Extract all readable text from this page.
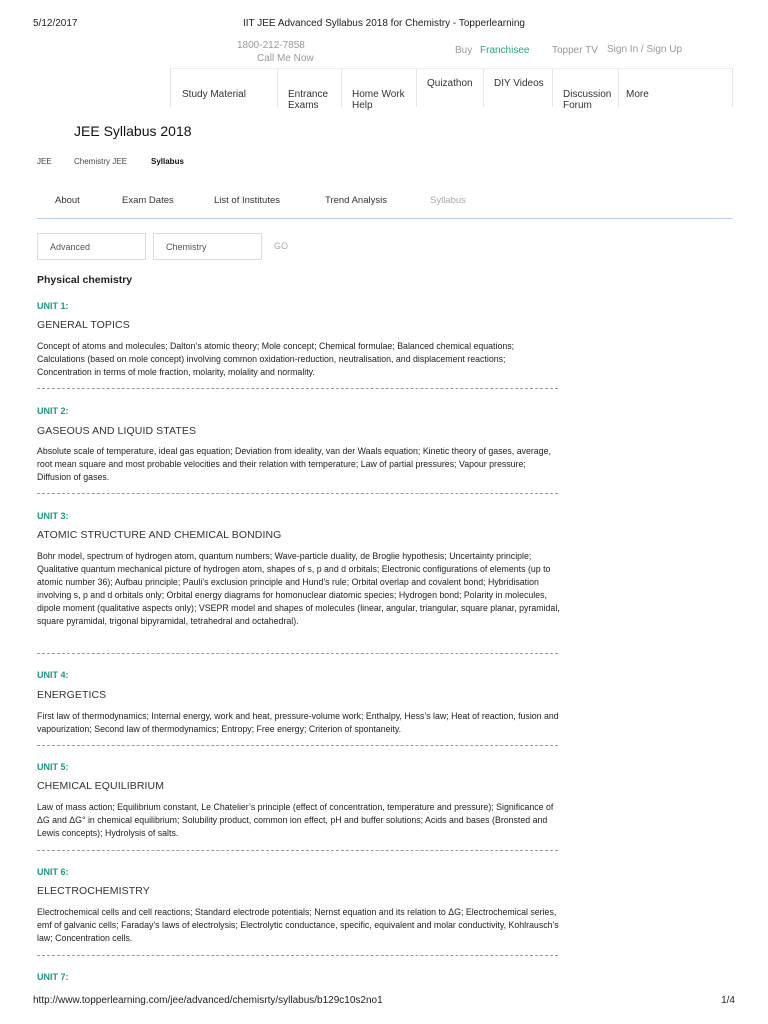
5/12/2017	IIT JEE Advanced Syllabus 2018 for Chemistry - Topperlearning
http://www.topperlearning.com/jee/advanced/chemisrty/syllabus/b129c10s2no1	1/4
1800-212-7858
Call Me Now
Buy Franchisee Topper TV Sign In / Sign Up
Study Material	Entrance
Exams

Home Work
Help

Quizathon	DIY Videos

Discussion
Forum

More
JEE Syllabus 2018
JEE	Chemistry JEE	Syllabus
About	Exam Dates	List of Institutes	Trend Analysis	Syllabus
Advanced	Chemistry	GO
Physical chemistry
UNIT 1:
GENERAL TOPICS
Concept of atoms and molecules; Dalton’s atomic theory; Mole concept; Chemical formulae; Balanced chemical equations; Calculations (based on mole concept) involving common oxidation-reduction, neutralisation, and displacement reactions; Concentration in terms of mole fraction, molarity, molality and normality.
UNIT 2:
GASEOUS AND LIQUID STATES
Absolute scale of temperature, ideal gas equation; Deviation from ideality, van der Waals equation; Kinetic theory of gases, average, root mean square and most probable velocities and their relation with temperature; Law of partial pressures; Vapour pressure; Diffusion of gases.
UNIT 3:
ATOMIC STRUCTURE AND CHEMICAL BONDING
Bohr model, spectrum of hydrogen atom, quantum numbers; Wave-particle duality, de Broglie hypothesis; Uncertainty principle; Qualitative quantum mechanical picture of hydrogen atom, shapes of s, p and d orbitals; Electronic configurations of elements (up to atomic number 36); Aufbau principle; Pauli’s exclusion principle and Hund’s rule; Orbital overlap and covalent bond; Hybridisation involving s, p and d orbitals only; Orbital energy diagrams for homonuclear diatomic species; Hydrogen bond; Polarity in molecules, dipole moment (qualitative aspects only); VSEPR model and shapes of molecules (linear, angular, triangular, square planar, pyramidal, square pyramidal, trigonal bipyramidal, tetrahedral and octahedral).
UNIT 4:
ENERGETICS
First law of thermodynamics; Internal energy, work and heat, pressure-volume work; Enthalpy, Hess’s law; Heat of reaction, fusion and vapourization; Second law of thermodynamics; Entropy; Free energy; Criterion of spontaneity.
UNIT 5:
CHEMICAL EQUILIBRIUM
Law of mass action; Equilibrium constant, Le Chatelier’s principle (effect of concentration, temperature and pressure); Significance of ΔG and ΔG° in chemical equilibrium; Solubility product, common ion effect, pH and buffer solutions; Acids and bases (Bronsted and Lewis concepts); Hydrolysis of salts.
UNIT 6:
ELECTROCHEMISTRY
Electrochemical cells and cell reactions; Standard electrode potentials; Nernst equation and its relation to ΔG; Electrochemical series, emf of galvanic cells; Faraday’s laws of electrolysis; Electrolytic conductance, specific, equivalent and molar conductivity, Kohlrausch’s law; Concentration cells.
UNIT 7:
